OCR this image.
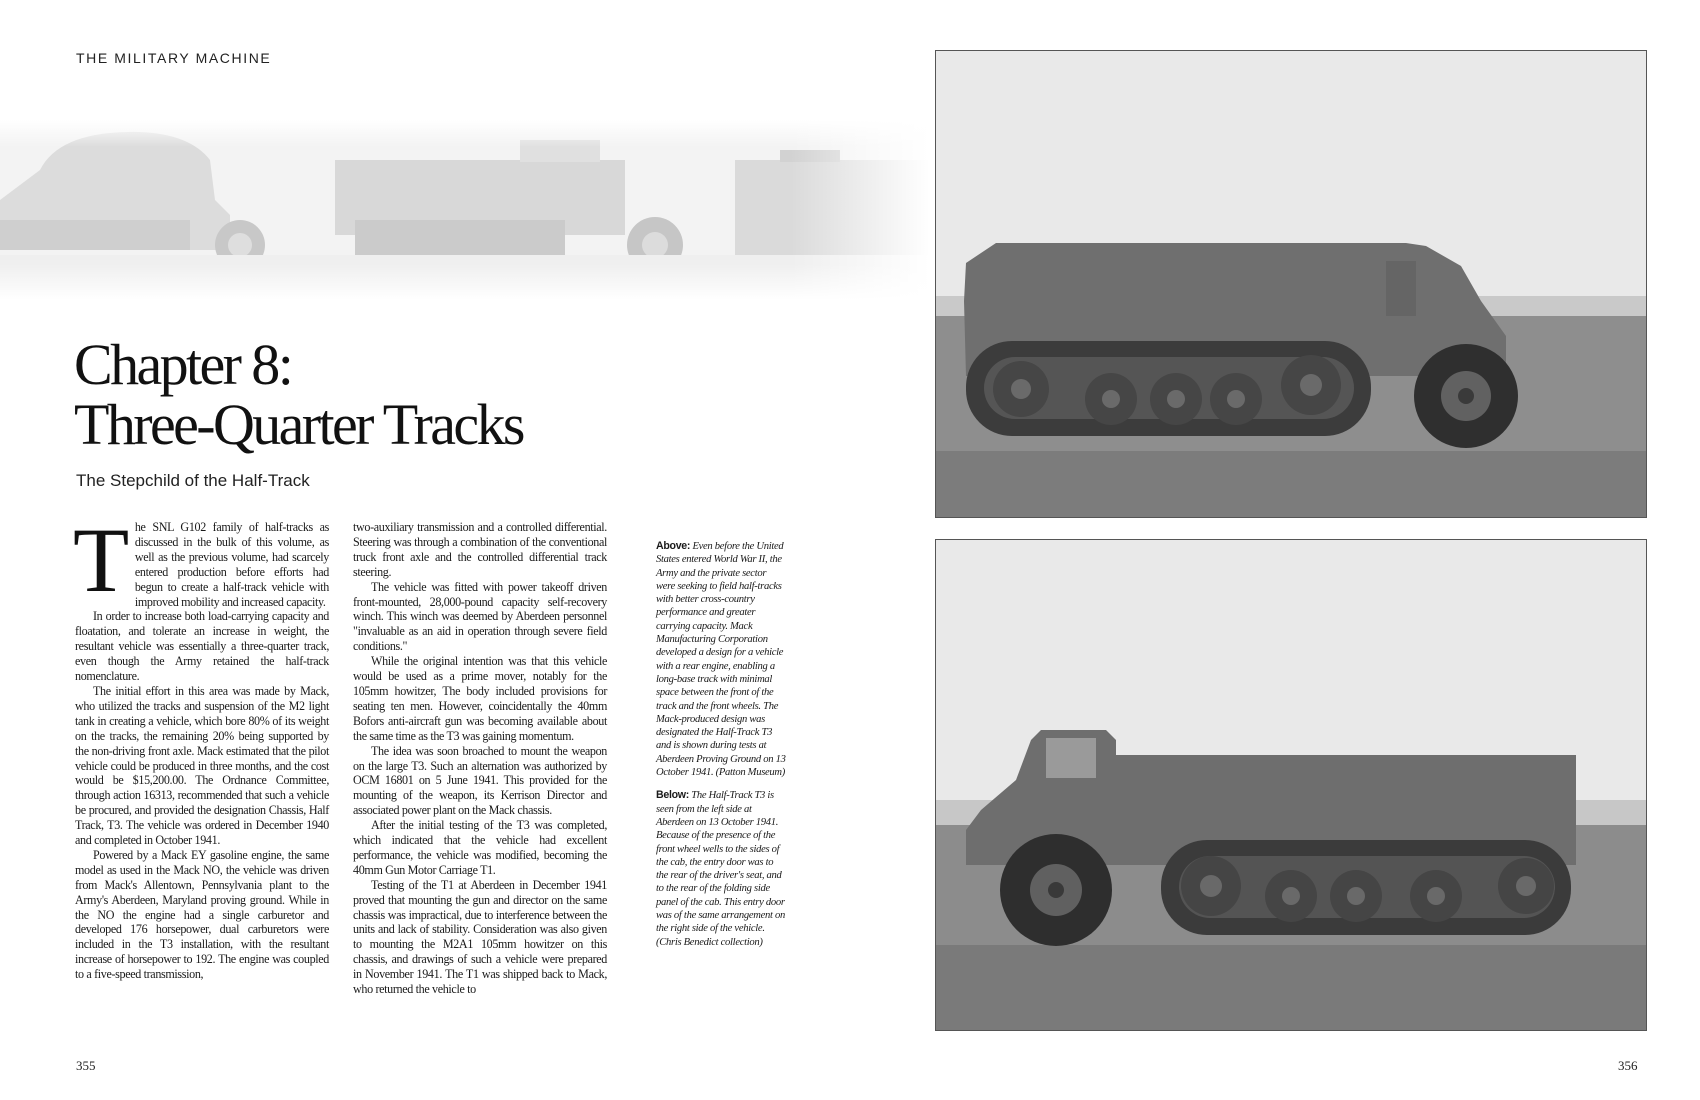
THE MILITARY MACHINE
Chapter 8:
Three-Quarter Tracks
The Stepchild of the Half-Track

The SNL G102 family of half-tracks as discussed in the bulk of this volume, as well as the previous volume, had scarcely entered production before efforts had begun to create a half-track vehicle with improved mobility and increased capacity.

In order to increase both load-carrying capacity and floatation, and tolerate an increase in weight, the resultant vehicle was essentially a three-quarter track, even though the Army retained the half-track nomenclature.

The initial effort in this area was made by Mack, who utilized the tracks and suspension of the M2 light tank in creating a vehicle, which bore 80% of its weight on the tracks, the remaining 20% being supported by the non-driving front axle. Mack estimated that the pilot vehicle could be produced in three months, and the cost would be $15,200.00. The Ordnance Committee, through action 16313, recommended that such a vehicle be procured, and provided the designation Chassis, Half Track, T3. The vehicle was ordered in December 1940 and completed in October 1941.

Powered by a Mack EY gasoline engine, the same model as used in the Mack NO, the vehicle was driven from Mack's Allentown, Pennsylvania plant to the Army's Aberdeen, Maryland proving ground. While in the NO the engine had a single carburetor and developed 176 horsepower, dual carburetors were included in the T3 installation, with the resultant increase of horsepower to 192. The engine was coupled to a five-speed transmission,

two-auxiliary transmission and a controlled differential. Steering was through a combination of the conventional truck front axle and the controlled differential track steering.

The vehicle was fitted with power takeoff driven front-mounted, 28,000-pound capacity self-recovery winch. This winch was deemed by Aberdeen personnel "invaluable as an aid in operation through severe field conditions."

While the original intention was that this vehicle would be used as a prime mover, notably for the 105mm howitzer, The body included provisions for seating ten men. However, coincidentally the 40mm Bofors anti-aircraft gun was becoming available about the same time as the T3 was gaining momentum.

The idea was soon broached to mount the weapon on the large T3. Such an alternation was authorized by OCM 16801 on 5 June 1941. This provided for the mounting of the weapon, its Kerrison Director and associated power plant on the Mack chassis.

After the initial testing of the T3 was completed, which indicated that the vehicle had excellent performance, the vehicle was modified, becoming the 40mm Gun Motor Carriage T1.

Testing of the T1 at Aberdeen in December 1941 proved that mounting the gun and director on the same chassis was impractical, due to interference between the units and lack of stability. Consideration was also given to mounting the M2A1 105mm howitzer on this chassis, and drawings of such a vehicle were prepared in November 1941. The T1 was shipped back to Mack, who returned the vehicle to

Above: Even before the United States entered World War II, the Army and the private sector were seeking to field half-tracks with better cross-country performance and greater carrying capacity. Mack Manufacturing Corporation developed a design for a vehicle with a rear engine, enabling a long-base track with minimal space between the front of the track and the front wheels. The Mack-produced design was designated the Half-Track T3 and is shown during tests at Aberdeen Proving Ground on 13 October 1941. (Patton Museum)

Below: The Half-Track T3 is seen from the left side at Aberdeen on 13 October 1941. Because of the presence of the front wheel wells to the sides of the cab, the entry door was to the rear of the driver's seat, and to the rear of the folding side panel of the cab. This entry door was of the same arrangement on the right side of the vehicle. (Chris Benedict collection)

355	356
